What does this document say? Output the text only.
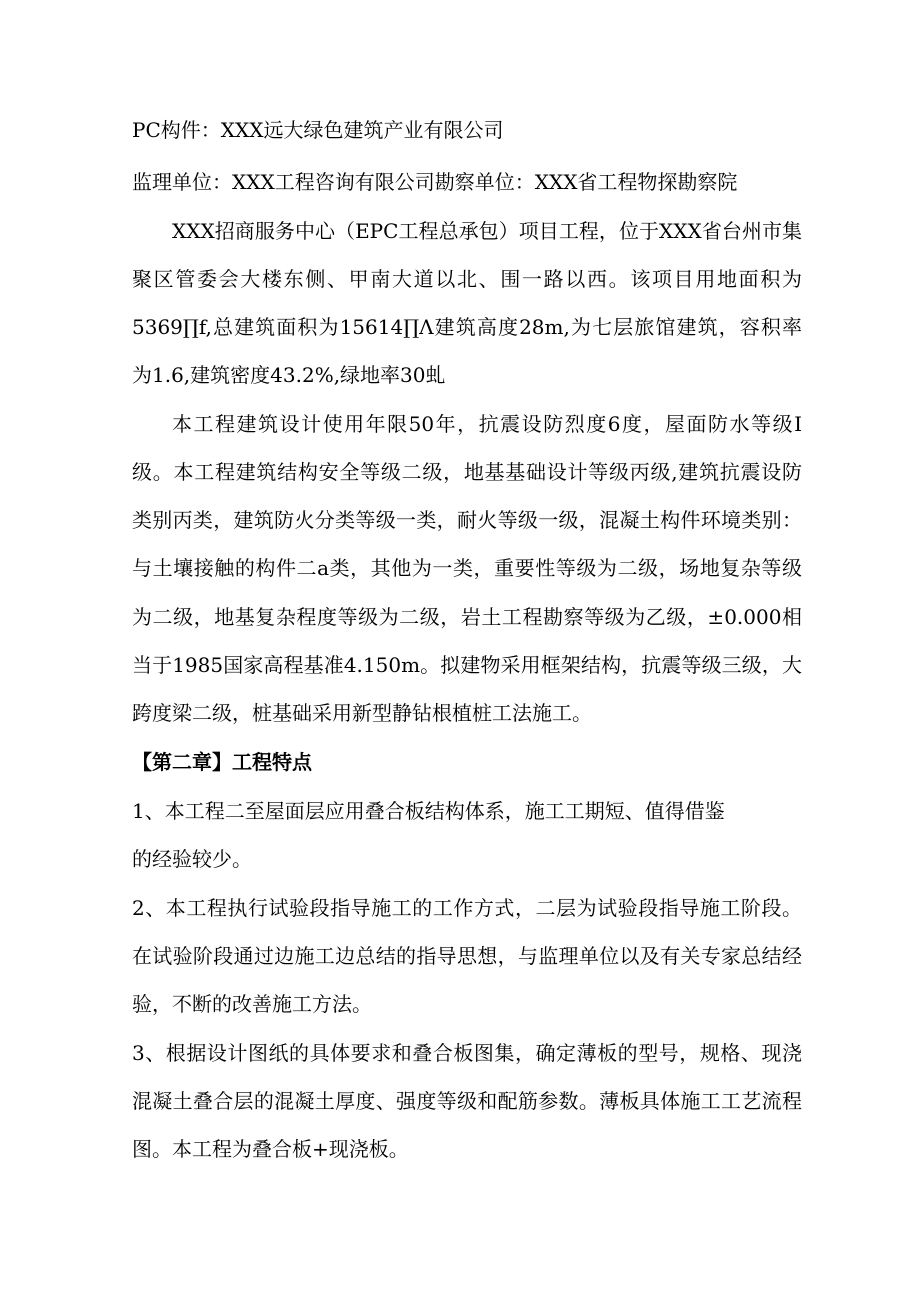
PC构件：XXX远大绿色建筑产业有限公司
监理单位：XXX工程咨询有限公司勘察单位：XXX省工程物探勘察院
XXX招商服务中心（EPC工程总承包）项目工程，位于XXX省台州市集
聚区管委会大楼东侧、甲南大道以北、围一路以西。该项目用地面积为
5369∏f,总建筑面积为15614∏Λ建筑高度28m,为七层旅馆建筑，容积率
为1.6,建筑密度43.2%,绿地率30虬
本工程建筑设计使用年限50年，抗震设防烈度6度，屋面防水等级I
级。本工程建筑结构安全等级二级，地基基础设计等级丙级,建筑抗震设防
类别丙类，建筑防火分类等级一类，耐火等级一级，混凝土构件环境类别：
与土壤接触的构件二a类，其他为一类，重要性等级为二级，场地复杂等级
为二级，地基复杂程度等级为二级，岩土工程勘察等级为乙级，±0.000相
当于1985国家高程基准4.150m。拟建物采用框架结构，抗震等级三级，大
跨度梁二级，桩基础采用新型静钻根植桩工法施工。
【第二章】工程特点
1、本工程二至屋面层应用叠合板结构体系，施工工期短、值得借鉴
的经验较少。
2、本工程执行试验段指导施工的工作方式，二层为试验段指导施工阶段。
在试验阶段通过边施工边总结的指导思想，与监理单位以及有关专家总结经
验，不断的改善施工方法。
3、根据设计图纸的具体要求和叠合板图集，确定薄板的型号，规格、现浇
混凝土叠合层的混凝土厚度、强度等级和配筋参数。薄板具体施工工艺流程
图。本工程为叠合板+现浇板。
